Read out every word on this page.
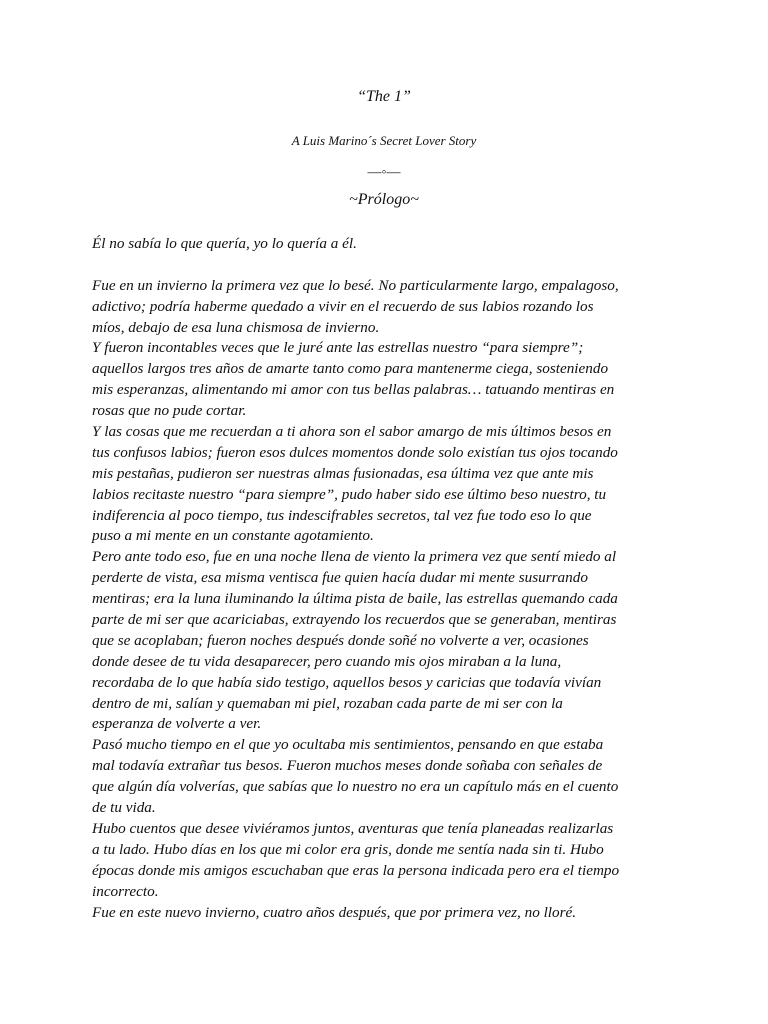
“The 1”
A Luis Marino´s Secret Lover Story
—◦—
~Prólogo~
Él no sabía lo que quería, yo lo quería a él.
Fue en un invierno la primera vez que lo besé. No particularmente largo, empalagoso,
adictivo; podría haberme quedado a vivir en el recuerdo de sus labios rozando los
míos, debajo de esa luna chismosa de invierno.
Y fueron incontables veces que le juré ante las estrellas nuestro “para siempre”;
aquellos largos tres años de amarte tanto como para mantenerme ciega, sosteniendo
mis esperanzas, alimentando mi amor con tus bellas palabras… tatuando mentiras en
rosas que no pude cortar.
Y las cosas que me recuerdan a ti ahora son el sabor amargo de mis últimos besos en
tus confusos labios; fueron esos dulces momentos donde solo existían tus ojos tocando
mis pestañas, pudieron ser nuestras almas fusionadas, esa última vez que ante mis
labios recitaste nuestro “para siempre”, pudo haber sido ese último beso nuestro, tu
indiferencia al poco tiempo, tus indescifrables secretos, tal vez fue todo eso lo que
puso a mi mente en un constante agotamiento.
Pero ante todo eso, fue en una noche llena de viento la primera vez que sentí miedo al
perderte de vista, esa misma ventisca fue quien hacía dudar mi mente susurrando
mentiras; era la luna iluminando la última pista de baile, las estrellas quemando cada
parte de mi ser que acariciabas, extrayendo los recuerdos que se generaban, mentiras
que se acoplaban; fueron noches después donde soñé no volverte a ver, ocasiones
donde desee de tu vida desaparecer, pero cuando mis ojos miraban a la luna,
recordaba de lo que había sido testigo, aquellos besos y caricias que todavía vivían
dentro de mi, salían y quemaban mi piel, rozaban cada parte de mi ser con la
esperanza de volverte a ver.
Pasó mucho tiempo en el que yo ocultaba mis sentimientos, pensando en que estaba
mal todavía extrañar tus besos. Fueron muchos meses donde soñaba con señales de
que algún día volverías, que sabías que lo nuestro no era un capítulo más en el cuento
de tu vida.
Hubo cuentos que desee viviéramos juntos, aventuras que tenía planeadas realizarlas
a tu lado. Hubo días en los que mi color era gris, donde me sentía nada sin ti. Hubo
épocas donde mis amigos escuchaban que eras la persona indicada pero era el tiempo
incorrecto.
Fue en este nuevo invierno, cuatro años después, que por primera vez, no lloré.
